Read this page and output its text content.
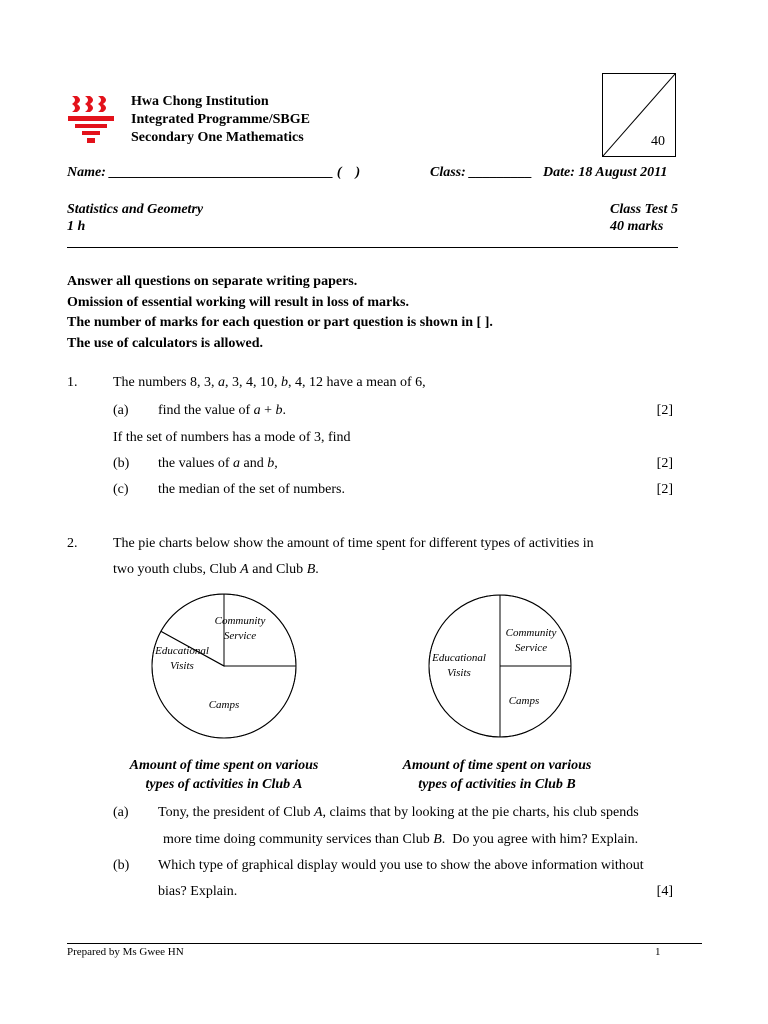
Hwa Chong Institution
Integrated Programme/SBGE
Secondary One Mathematics	40
Name: ________________________________ (    )	Class: _________ Date: 18 August 2011
Statistics and Geometry	Class Test 5
1 h	40 marks
Answer all questions on separate writing papers.
Omission of essential working will result in loss of marks.
The number of marks for each question or part question is shown in [ ].
The use of calculators is allowed.
1.	The numbers 8, 3, a, 3, 4, 10, b, 4, 12 have a mean of 6,
(a) find the value of a + b.	[2]
If the set of numbers has a mode of 3, find
(b) the values of a and b,	[2]
(c) the median of the set of numbers.	[2]
2.	The pie charts below show the amount of time spent for different types of activities in
two youth clubs, Club A and Club B.
Community Service
Educational Visits
Camps
Community Service
Educational Visits
Camps
Amount of time spent on various
types of activities in Club A
Amount of time spent on various
types of activities in Club B
(a) Tony, the president of Club A, claims that by looking at the pie charts, his club spends
more time doing community services than Club B.  Do you agree with him? Explain.
(b) Which type of graphical display would you use to show the above information without
bias? Explain.	[4]
Prepared by Ms Gwee HN	1
